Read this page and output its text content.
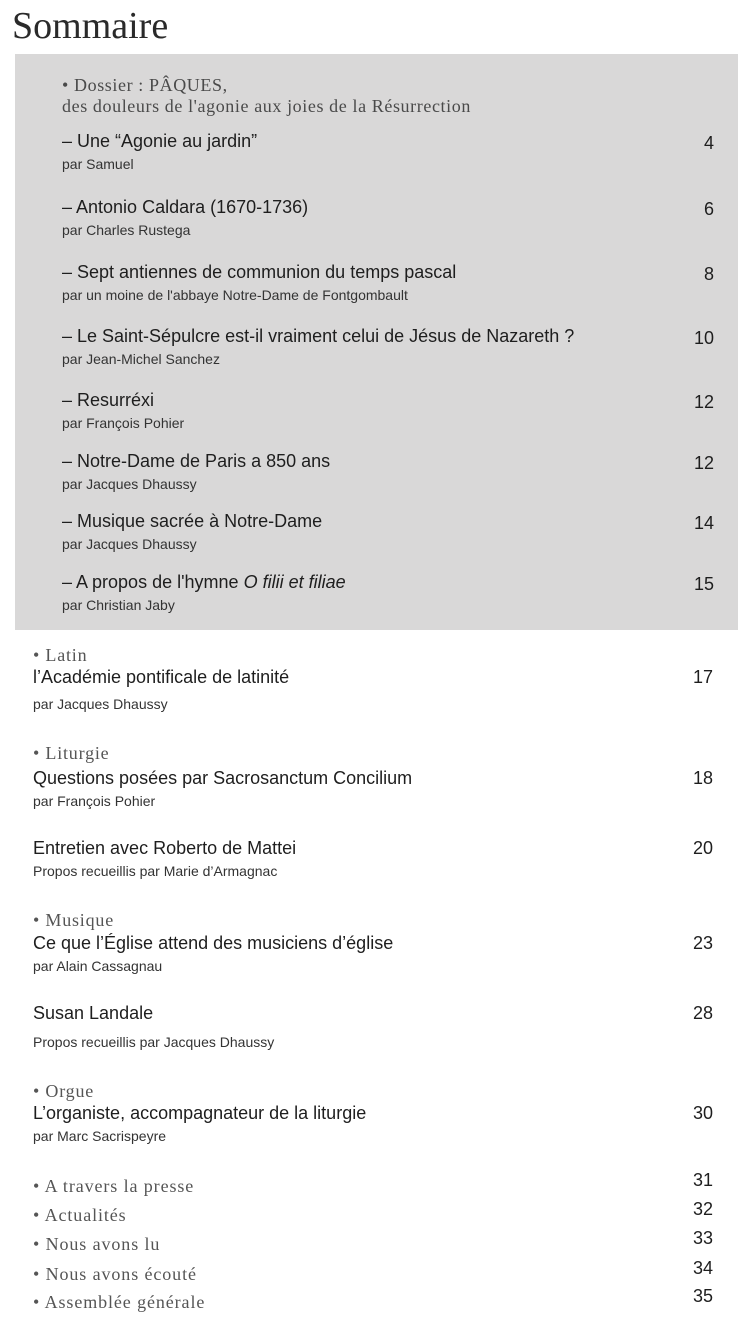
Sommaire
• Dossier : PÂQUES,
des douleurs de l'agonie aux joies de la Résurrection
– Une “Agonie au jardin”
par Samuel
4
– Antonio Caldara (1670-1736)
par Charles Rustega
6
– Sept antiennes de communion du temps pascal
par un moine de l'abbaye Notre-Dame de Fontgombault
8
– Le Saint-Sépulcre est-il vraiment celui de Jésus de Nazareth ?
par Jean-Michel Sanchez
10
– Resurréxi
par François Pohier
12
– Notre-Dame de Paris a 850 ans
par Jacques Dhaussy
12
– Musique sacrée à Notre-Dame
par Jacques Dhaussy
14
– A propos de l'hymne O filii et filiae
par Christian Jaby
15
• Latin
l’Académie pontificale de latinité
par Jacques Dhaussy
17
• Liturgie
Questions posées par Sacrosanctum Concilium
par François Pohier
18
Entretien avec Roberto de Mattei
Propos recueillis par Marie d’Armagnac
20
• Musique
Ce que l’Église attend des musiciens d’église
par Alain Cassagnau
23
Susan Landale
Propos recueillis par Jacques Dhaussy
28
• Orgue
L’organiste, accompagnateur de la liturgie
par Marc Sacrispeyre
30
• A travers la presse	31
• Actualités	32
• Nous avons lu	33
• Nous avons écouté	34
• Assemblée générale	35
